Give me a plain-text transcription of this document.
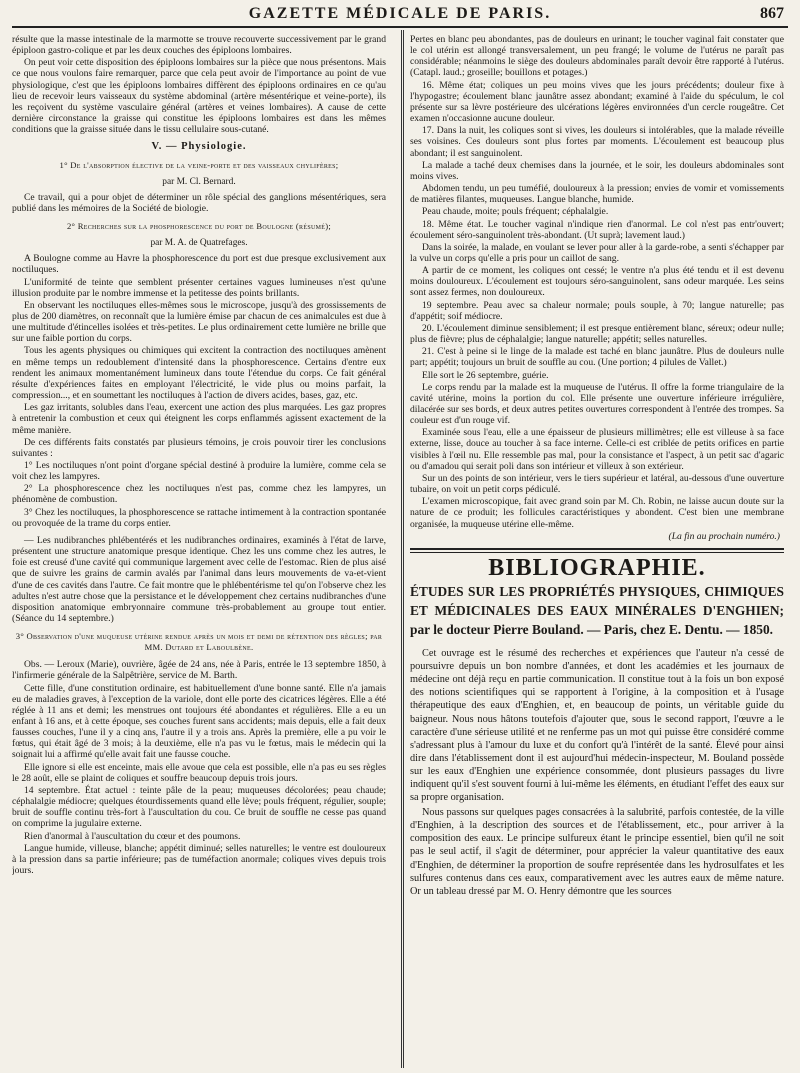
GAZETTE MÉDICALE DE PARIS.	867

résulte que la masse intestinale de la marmotte se trouve recouverte successivement par le grand épiploon gastro-colique et par les deux couches des épiploons lombaires.

On peut voir cette disposition des épiploons lombaires sur la pièce que nous présentons. Mais ce que nous voulons faire remarquer, parce que cela peut avoir de l'importance au point de vue physiologique, c'est que les épiploons lombaires diffèrent des épiploons ordinaires en ce qu'au lieu de recevoir leurs vaisseaux du système abdominal (artère mésentérique et veine-porte), ils les reçoivent du système vasculaire général (artères et veines lombaires). A cause de cette dernière circonstance la graisse qui constitue les épiploons lombaires est dans les mêmes conditions que la graisse située dans le tissu cellulaire sous-cutané.

V. — Physiologie.
1° De l'absorption élective de la veine-porte et des vaisseaux chylifères;
par M. Cl. Bernard.

Ce travail, qui a pour objet de déterminer un rôle spécial des ganglions mésentériques, sera publié dans les mémoires de la Société de biologie.

2° Recherches sur la phosphorescence du port de Boulogne (résumé);
par M. A. de Quatrefages.

A Boulogne comme au Havre la phosphorescence du port est due presque exclusivement aux noctiluques.

L'uniformité de teinte que semblent présenter certaines vagues lumineuses n'est qu'une illusion produite par le nombre immense et la petitesse des points brillants.

En observant les noctiluques elles-mêmes sous le microscope, jusqu'à des grossissements de plus de 200 diamètres, on reconnaît que la lumière émise par chacun de ces animalcules est due à une multitude d'étincelles isolées et très-petites. Le plus ordinairement cette lumière ne brille que sur une faible portion du corps.

Tous les agents physiques ou chimiques qui excitent la contraction des noctiluques amènent en même temps un redoublement d'intensité dans la phosphorescence. Certains d'entre eux rendent les animaux momentanément lumineux dans toute l'étendue du corps. Ce fait général résulte d'expériences faites en employant l'électricité, le vide plus ou moins parfait, la compression..., et en soumettant les noctiluques à l'action de divers acides, bases, gaz, etc.

Les gaz irritants, solubles dans l'eau, exercent une action des plus marquées. Les gaz propres à entretenir la combustion et ceux qui éteignent les corps enflammés agissent exactement de la même manière.

De ces différents faits constatés par plusieurs témoins, je crois pouvoir tirer les conclusions suivantes :

1° Les noctiluques n'ont point d'organe spécial destiné à produire la lumière, comme cela se voit chez les lampyres.

2° La phosphorescence chez les noctiluques n'est pas, comme chez les lampyres, un phénomène de combustion.

3° Chez les noctiluques, la phosphorescence se rattache intimement à la contraction spontanée ou provoquée de la trame du corps entier.

— Les nudibranches phlébentérés et les nudibranches ordinaires, examinés à l'état de larve, présentent une structure anatomique presque identique. Chez les uns comme chez les autres, le foie est creusé d'une cavité qui communique largement avec celle de l'estomac. Rien de plus aisé que de suivre les grains de carmin avalés par l'animal dans leurs mouvements de va-et-vient d'une de ces cavités dans l'autre. Ce fait montre que le phlébentérisme tel qu'on l'observe chez les adultes n'est autre chose que la persistance et le développement chez certains nudibranches d'une disposition anatomique embryonnaire commune très-probablement au groupe tout entier. (Séance du 14 septembre.)

3° Observation d'une muqueuse utérine rendue après un mois et demi de rétention des règles; par MM. Dutard et Laboulbène.

Obs. — Leroux (Marie), ouvrière, âgée de 24 ans, née à Paris, entrée le 13 septembre 1850, à l'infirmerie générale de la Salpêtrière, service de M. Barth.

Cette fille, d'une constitution ordinaire, est habituellement d'une bonne santé. Elle n'a jamais eu de maladies graves, à l'exception de la variole, dont elle porte des cicatrices légères. Elle a été réglée à 11 ans et demi; les menstrues ont toujours été abondantes et régulières. Elle a eu un enfant à 16 ans, et à cette époque, ses couches furent sans accidents; mais depuis, elle a fait deux fausses couches, l'une il y a cinq ans, l'autre il y a trois ans. Après la première, elle a pu voir le fœtus, qui était âgé de 3 mois; à la deuxième, elle n'a pas vu le fœtus, mais le médecin qui la soignait lui a affirmé qu'elle avait fait une fausse couche.

Elle ignore si elle est enceinte, mais elle avoue que cela est possible, elle n'a pas eu ses règles le 28 août, elle se plaint de coliques et souffre beaucoup depuis trois jours.

14 septembre. État actuel : teinte pâle de la peau; muqueuses décolorées; peau chaude; céphalalgie médiocre; quelques étourdissements quand elle lève; pouls fréquent, régulier, souple; bruit de souffle continu très-fort à l'auscultation du cou. Ce bruit de souffle ne cesse pas quand on comprime la jugulaire externe.

Rien d'anormal à l'auscultation du cœur et des poumons.

Langue humide, villeuse, blanche; appétit diminué; selles naturelles; le ventre est douloureux à la pression dans sa partie inférieure; pas de tuméfaction anormale; coliques vives depuis trois jours.

Pertes en blanc peu abondantes, pas de douleurs en urinant; le toucher vaginal fait constater que le col utérin est allongé transversalement, un peu frangé; le volume de l'utérus ne paraît pas considérable; néanmoins le siège des douleurs abdominales paraît devoir être rapporté à l'utérus. (Catapl. laud.; groseille; bouillons et potages.)

16. Même état; coliques un peu moins vives que les jours précédents; douleur fixe à l'hypogastre; écoulement blanc jaunâtre assez abondant; examiné à l'aide du spéculum, le col présente sur sa lèvre postérieure des ulcérations légères environnées d'un cercle rougeâtre. Cet examen n'occasionne aucune douleur.

17. Dans la nuit, les coliques sont si vives, les douleurs si intolérables, que la malade réveille ses voisines. Ces douleurs sont plus fortes par moments. L'écoulement est beaucoup plus abondant; il est sanguinolent.

La malade a taché deux chemises dans la journée, et le soir, les douleurs abdominales sont moins vives.

Abdomen tendu, un peu tuméfié, douloureux à la pression; envies de vomir et vomissements de matières filantes, muqueuses. Langue blanche, humide.

Peau chaude, moite; pouls fréquent; céphalalgie.

18. Même état. Le toucher vaginal n'indique rien d'anormal. Le col n'est pas entr'ouvert; écoulement séro-sanguinolent très-abondant. (Ut suprà; lavement laud.)

Dans la soirée, la malade, en voulant se lever pour aller à la garde-robe, a senti s'échapper par la vulve un corps qu'elle a pris pour un caillot de sang.

A partir de ce moment, les coliques ont cessé; le ventre n'a plus été tendu et il est devenu moins douloureux. L'écoulement est toujours séro-sanguinolent, sans odeur marquée. Les seins sont assez fermes, non douloureux.

19 septembre. Peau avec sa chaleur normale; pouls souple, à 70; langue naturelle; pas d'appétit; soif médiocre.

20. L'écoulement diminue sensiblement; il est presque entièrement blanc, séreux; odeur nulle; plus de fièvre; plus de céphalalgie; langue naturelle; appétit; selles naturelles.

21. C'est à peine si le linge de la malade est taché en blanc jaunâtre. Plus de douleurs nulle part; appétit; toujours un bruit de souffle au cou. (Une portion; 4 pilules de Vallet.)

Elle sort le 26 septembre, guérie.

Le corps rendu par la malade est la muqueuse de l'utérus. Il offre la forme triangulaire de la cavité utérine, moins la portion du col. Elle présente une ouverture inférieure irrégulière, dilacérée sur ses bords, et deux autres petites ouvertures correspondent à l'entrée des trompes. Sa couleur est d'un rouge vif.

Examinée sous l'eau, elle a une épaisseur de plusieurs millimètres; elle est villeuse à sa face externe, lisse, douce au toucher à sa face interne. Celle-ci est criblée de petits orifices en partie visibles à l'œil nu. Elle ressemble pas mal, pour la consistance et l'aspect, à un petit sac d'agaric ou d'amadou qui serait poli dans son intérieur et villeux à son extérieur.

Sur un des points de son intérieur, vers le tiers supérieur et latéral, au-dessous d'une ouverture tubaire, on voit un petit corps pédiculé.

L'examen microscopique, fait avec grand soin par M. Ch. Robin, ne laisse aucun doute sur la nature de ce produit; les follicules caractéristiques y abondent. C'est bien une membrane organisée, la muqueuse utérine elle-même.

(La fin au prochain numéro.)
BIBLIOGRAPHIE.
ÉTUDES SUR LES PROPRIÉTÉS PHYSIQUES, CHIMIQUES ET MÉDICINALES DES EAUX MINÉRALES D'ENGHIEN; par le docteur Pierre Bouland. — Paris, chez E. Dentu. — 1850.

Cet ouvrage est le résumé des recherches et expériences que l'auteur n'a cessé de poursuivre depuis un bon nombre d'années, et dont les académies et les journaux de médecine ont déjà reçu en partie communication. Il constitue tout à la fois un bon exposé des notions scientifiques qui se rapportent à l'origine, à la composition et à l'usage thérapeutique des eaux d'Enghien, et, en beaucoup de points, un véritable guide du baigneur. Nous nous hâtons toutefois d'ajouter que, sous le second rapport, l'œuvre a le caractère d'une sérieuse utilité et ne renferme pas un mot qui puisse être considéré comme s'adressant plus à l'amour du luxe et du confort qu'à l'intérêt de la santé. Élevé pour ainsi dire dans l'établissement dont il est aujourd'hui médecin-inspecteur, M. Bouland possède sur les eaux d'Enghien une expérience consommée, dont plusieurs passages du livre indiquent qu'il s'est souvent fourni à lui-même les éléments, en étudiant l'effet des eaux sur sa propre organisation.

Nous passons sur quelques pages consacrées à la salubrité, parfois contestée, de la ville d'Enghien, à la description des sources et de l'établissement, etc., pour arriver à la composition des eaux. Le principe sulfureux étant le principe essentiel, bien qu'il ne soit pas le seul actif, il s'agit de déterminer, pour apprécier la valeur quantitative des eaux d'Enghien, de déterminer la proportion de soufre représentée dans les hydrosulfates et les sulfures contenus dans ces eaux, comparativement avec les autres eaux de même nature. Or un tableau dressé par M. O. Henry démontre que les sources
